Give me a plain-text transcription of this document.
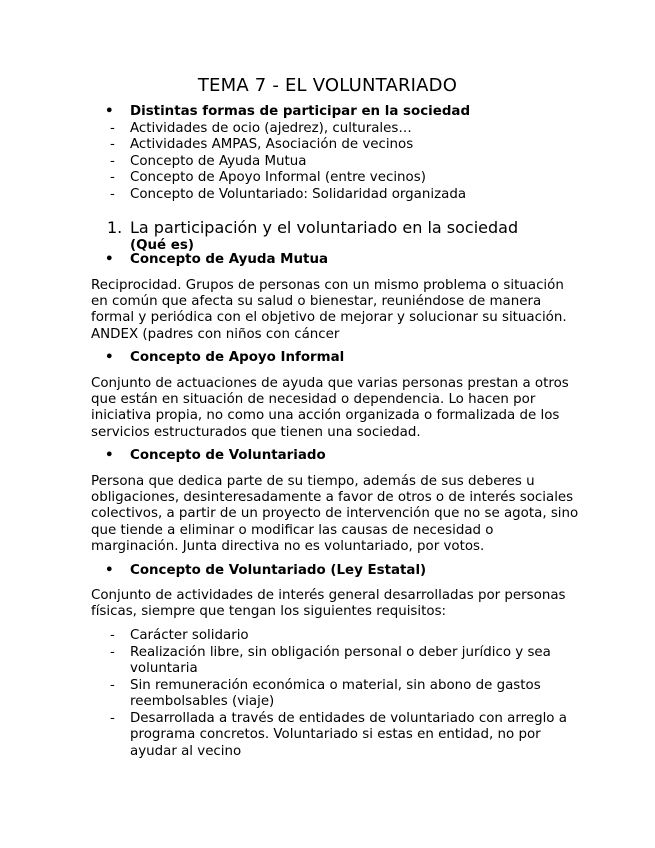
TEMA 7 - EL VOLUNTARIADO
• Distintas formas de participar en la sociedad
- Actividades de ocio (ajedrez), culturales…
- Actividades AMPAS, Asociación de vecinos
- Concepto de Ayuda Mutua
- Concepto de Apoyo Informal (entre vecinos)
- Concepto de Voluntariado: Solidaridad organizada
1. La participación y el voluntariado en la sociedad
(Qué es)
• Concepto de Ayuda Mutua
Reciprocidad. Grupos de personas con un mismo problema o situación
en común que afecta su salud o bienestar, reuniéndose de manera
formal y periódica con el objetivo de mejorar y solucionar su situación.
ANDEX (padres con niños con cáncer
• Concepto de Apoyo Informal
Conjunto de actuaciones de ayuda que varias personas prestan a otros
que están en situación de necesidad o dependencia. Lo hacen por
iniciativa propia, no como una acción organizada o formalizada de los
servicios estructurados que tienen una sociedad.
• Concepto de Voluntariado
Persona que dedica parte de su tiempo, además de sus deberes u
obligaciones, desinteresadamente a favor de otros o de interés sociales
colectivos, a partir de un proyecto de intervención que no se agota, sino
que tiende a eliminar o modificar las causas de necesidad o
marginación. Junta directiva no es voluntariado, por votos.
• Concepto de Voluntariado (Ley Estatal)
Conjunto de actividades de interés general desarrolladas por personas
físicas, siempre que tengan los siguientes requisitos:
- Carácter solidario
- Realización libre, sin obligación personal o deber jurídico y sea
voluntaria
- Sin remuneración económica o material, sin abono de gastos
reembolsables (viaje)
- Desarrollada a través de entidades de voluntariado con arreglo a
programa concretos. Voluntariado si estas en entidad, no por
ayudar al vecino
